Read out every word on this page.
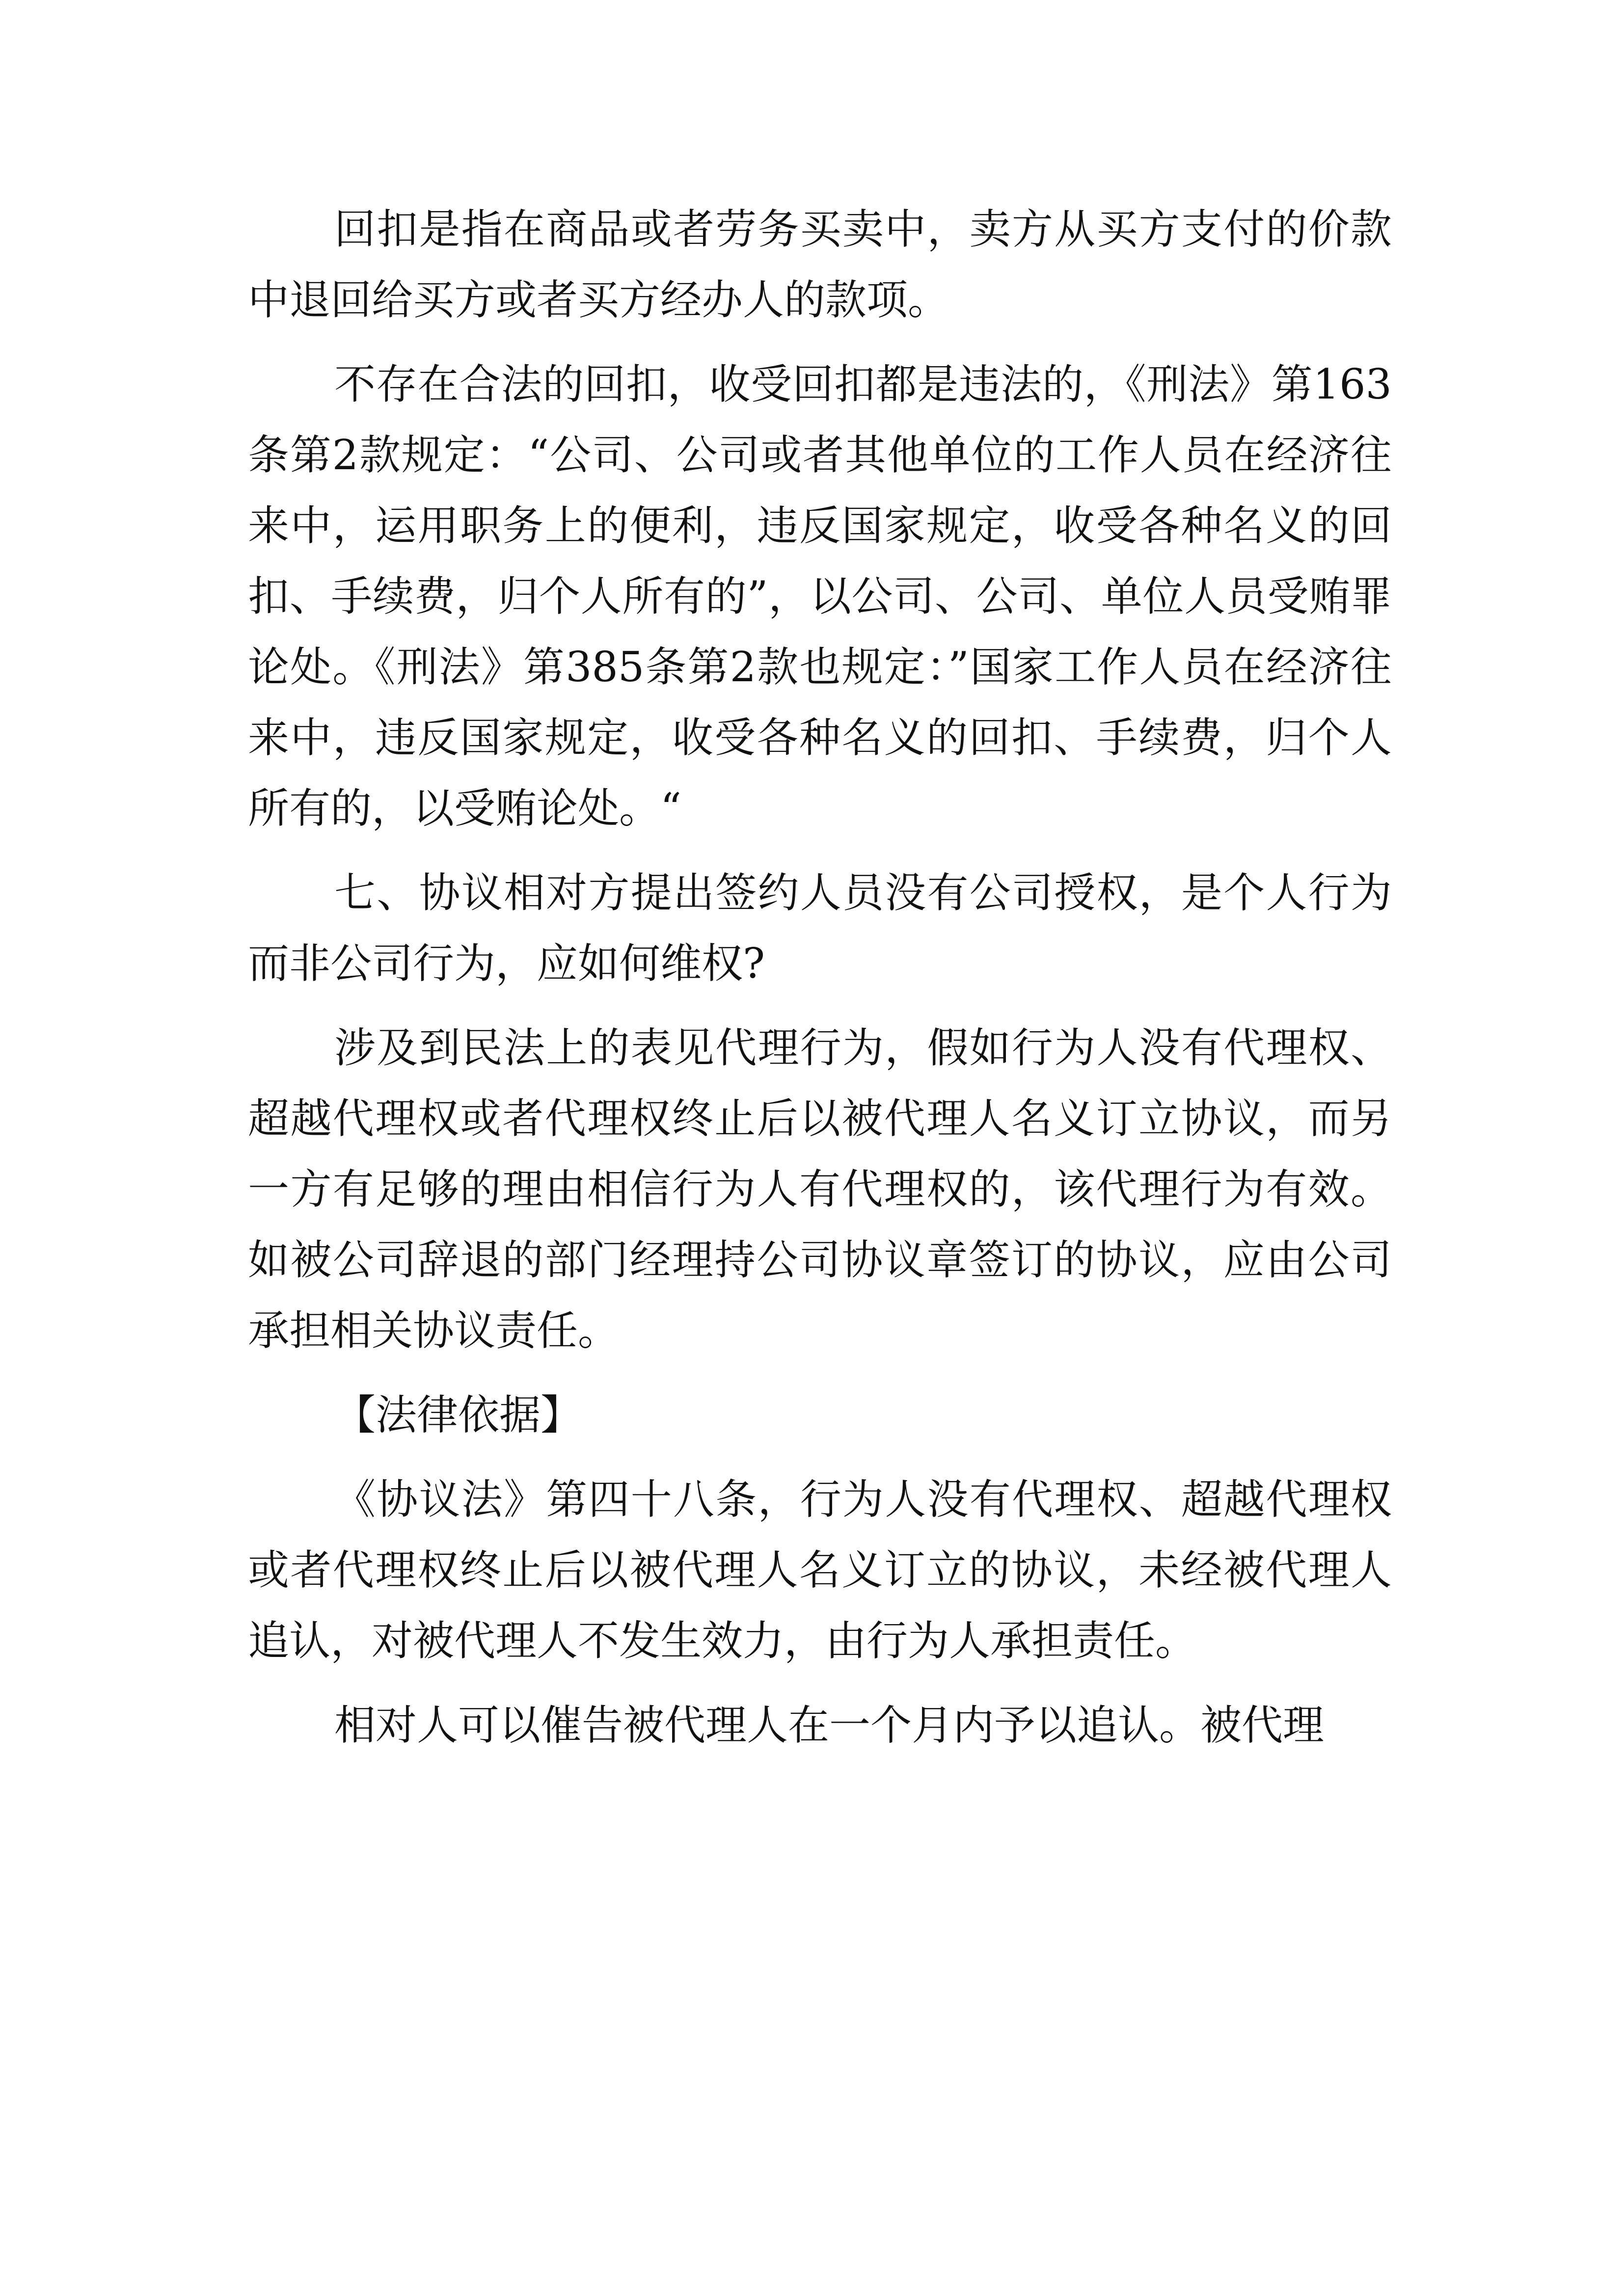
回扣是指在商品或者劳务买卖中，卖方从买方支付的价款中退回给买方或者买方经办人的款项。

不存在合法的回扣，收受回扣都是违法的，《刑法》第163条第2款规定：“公司、公司或者其他单位的工作人员在经济往来中，运用职务上的便利，违反国家规定，收受各种名义的回扣、手续费，归个人所有的”，以公司、公司、单位人员受贿罪论处。《刑法》第385条第2款也规定：”国家工作人员在经济往来中，违反国家规定，收受各种名义的回扣、手续费，归个人所有的，以受贿论处。“

七、协议相对方提出签约人员没有公司授权，是个人行为而非公司行为，应如何维权?

涉及到民法上的表见代理行为，假如行为人没有代理权、超越代理权或者代理权终止后以被代理人名义订立协议，而另一方有足够的理由相信行为人有代理权的，该代理行为有效。如被公司辞退的部门经理持公司协议章签订的协议，应由公司承担相关协议责任。

【法律依据】

《协议法》第四十八条，行为人没有代理权、超越代理权或者代理权终止后以被代理人名义订立的协议，未经被代理人追认，对被代理人不发生效力，由行为人承担责任。

相对人可以催告被代理人在一个月内予以追认。被代理
